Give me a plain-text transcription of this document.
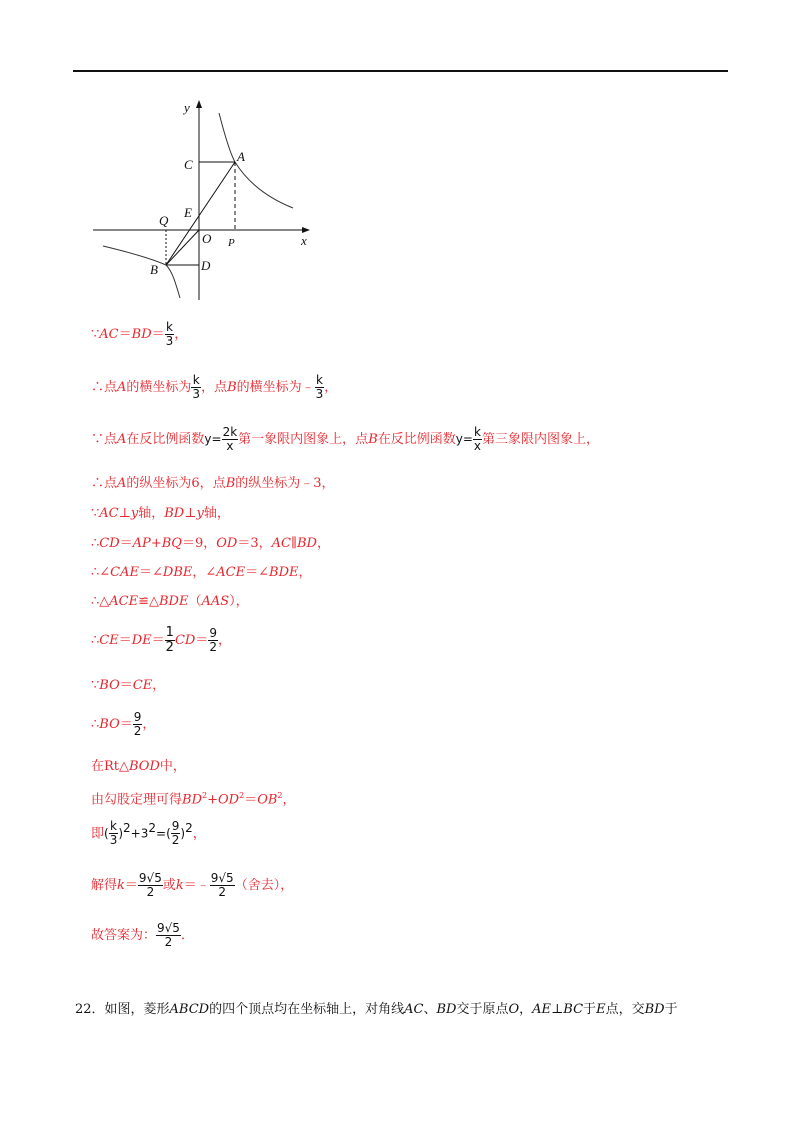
y
x
C
A
Q
E
O P
B	D
∵AC＝BD＝ $\frac{k}{3}$ ，
∴点A的横坐标为 $\frac{k}{3}$ ，点B的横坐标为﹣ $\frac{k}{3}$ ，
∵点A在反比例函数$y= \frac{2k}{x}$ 第一象限内图象上，点B在反比例函数$y= \frac{k}{x}$ 第三象限内图象上，
∴点A的纵坐标为6，点B的纵坐标为﹣3，
∵AC⊥y轴，BD⊥y轴，
∴CD＝AP+BQ＝9，OD＝3，AC∥BD，
∴∠CAE＝∠DBE，∠ACE＝∠BDE，
∴△ACE≌△BDE（AAS），
∴CE＝DE＝ $\frac{1}{2} CD= \frac{9}{2}$ ，
∵BO＝CE，
∴BO＝ $\frac{9}{2}$ ，
在Rt△BOD中，
由勾股定理可得$BD^2+OD^2=OB^2$，
即( $\frac{k}{3} )^2+3^2=( \frac{9}{2} )^2$，
解得$k= \frac{9√5}{2}$ 或k＝﹣ $\frac{9√5}{2}$ （舍去），
故答案为： $\frac{9√5}{2}$ ．
22．如图，菱形ABCD的四个顶点均在坐标轴上，对角线AC、BD交于原点O，AE⊥BC于E点，交BD于
